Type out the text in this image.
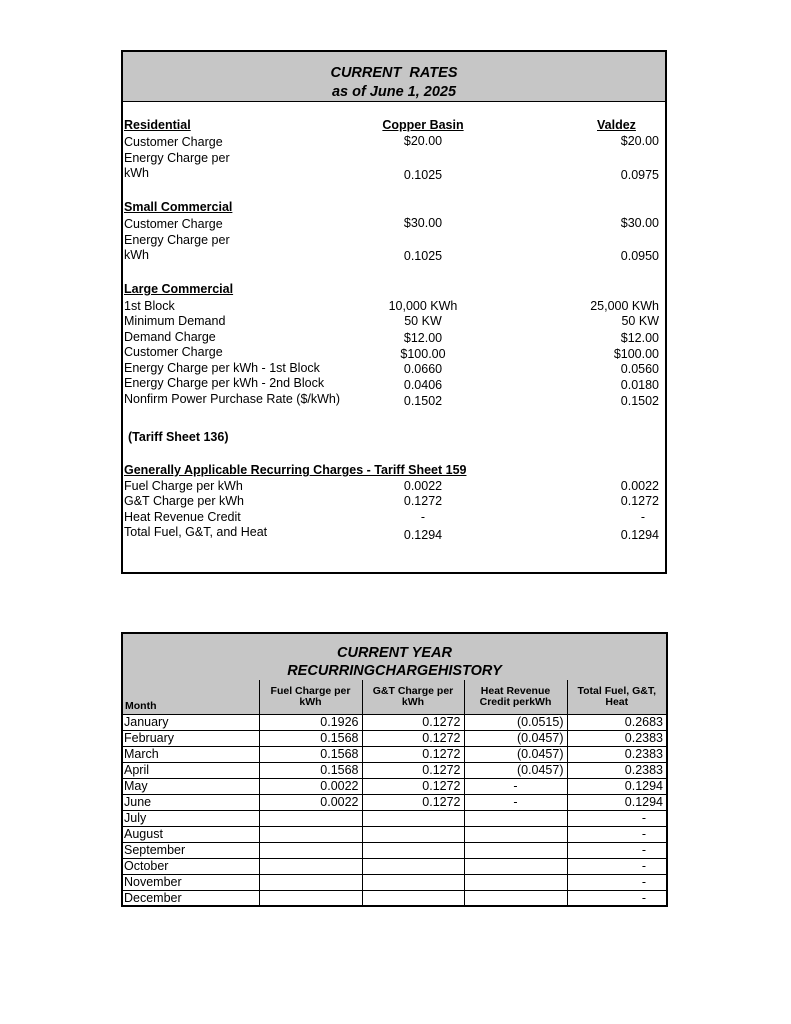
CURRENT  RATES
as of June 1, 2025
Residential	Copper Basin	Valdez
Customer Charge	$20.00	$20.00
Energy Charge per
kWh	0.1025	0.0975
Small Commercial
Customer Charge	$30.00	$30.00
Energy Charge per
kWh	0.1025	0.0950
Large Commercial
1st Block	10,000 KWh	25,000 KWh
Minimum Demand	50 KW	50 KW
Demand Charge	$12.00	$12.00
Customer Charge	$100.00	$100.00
Energy Charge per kWh - 1st Block	0.0660	0.0560
Energy Charge per kWh - 2nd Block	0.0406	0.0180
Nonfirm Power Purchase Rate ($/kWh)	0.1502	0.1502
(Tariff Sheet 136)
Generally Applicable Recurring Charges - Tariff Sheet 159
Fuel Charge per kWh	0.0022	0.0022
G&T Charge per kWh	0.1272	0.1272
Heat Revenue Credit	-	-
Total Fuel, G&T, and Heat	0.1294	0.1294
CURRENT YEAR
RECURRINGCHARGEHISTORY
Month	Fuel Charge per kWh	G&T Charge per kWh	Heat Revenue Credit perkWh	Total Fuel, G&T, Heat
January	0.1926	0.1272	(0.0515)	0.2683
February	0.1568	0.1272	(0.0457)	0.2383
March	0.1568	0.1272	(0.0457)	0.2383
April	0.1568	0.1272	(0.0457)	0.2383
May	0.0022	0.1272	-	0.1294
June	0.0022	0.1272	-	0.1294
July				-
August				-
September				-
October				-
November				-
December				-
